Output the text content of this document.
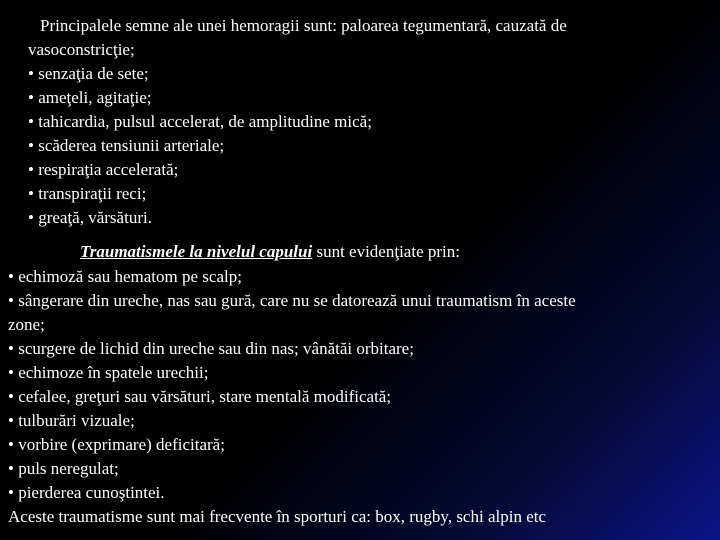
Principalele semne ale unei hemoragii sunt: paloarea tegumentară, cauzată de
vasoconstricţie;
• senzaţia de sete;
• ameţeli, agitaţie;
• tahicardia, pulsul accelerat, de amplitudine mică;
• scăderea tensiunii arteriale;
• respiraţia accelerată;
• transpiraţii reci;
• greaţă, vărsături.
Traumatismele la nivelul capului sunt evidenţiate prin:
• echimoză sau hematom pe scalp;
• sângerare din ureche, nas sau gură, care nu se datorează unui traumatism în aceste
zone;
• scurgere de lichid din ureche sau din nas; vânătăi orbitare;
• echimoze în spatele urechii;
• cefalee, greţuri sau vărsături, stare mentală modificată;
• tulburări vizuale;
• vorbire (exprimare) deficitară;
• puls neregulat;
• pierderea cunoştintei.
Aceste traumatisme sunt mai frecvente în sporturi ca: box, rugby, schi alpin etc
